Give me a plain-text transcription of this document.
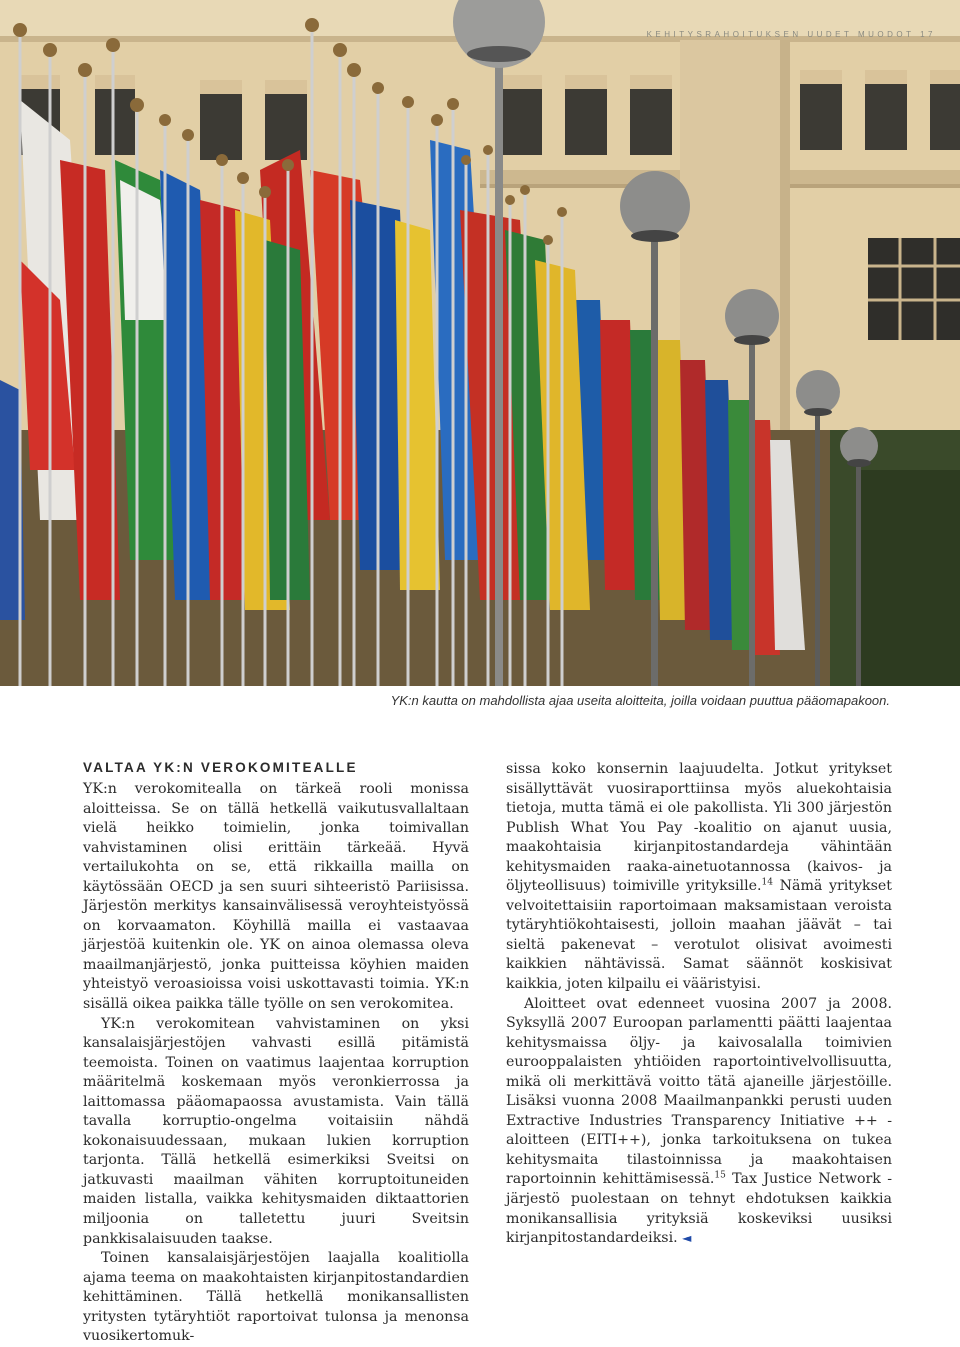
KEHITYSRAHOITUKSEN UUDET MUODOT 17
YK:n kautta on mahdollista ajaa useita aloitteita, joilla voidaan puuttua pääomapakoon.
VALTAA YK:N VEROKOMITEALLE

YK:n verokomitealla on tärkeä rooli monissa aloitteissa. Se on tällä hetkellä vaikutusvallaltaan vielä heikko toimielin, jonka toimivallan vahvistaminen olisi erittäin tärkeää. Hyvä vertailukohta on se, että rikkailla mailla on käytössään OECD ja sen suuri sihteeristö Pariisissa. Järjestön merkitys kansainvälisessä veroyhteistyössä on korvaamaton. Köyhillä mailla ei vastaavaa järjestöä kuitenkin ole. YK on ainoa olemassa oleva maailmanjärjestö, jonka puitteissa köyhien maiden yhteistyö veroasioissa voisi uskottavasti toimia. YK:n sisällä oikea paikka tälle työlle on sen verokomitea.

YK:n verokomitean vahvistaminen on yksi kansalaisjärjestöjen vahvasti esillä pitämistä teemoista. Toinen on vaatimus laajentaa korruption määritelmä koskemaan myös veronkierrossa ja laittomassa pääomapaossa avustamista. Vain tällä tavalla korruptio-ongelma voitaisiin nähdä kokonaisuudessaan, mukaan lukien korruption tarjonta. Tällä hetkellä esimerkiksi Sveitsi on jatkuvasti maailman vähiten korruptoituneiden maiden listalla, vaikka kehitysmaiden diktaattorien miljoonia on talletettu juuri Sveitsin pankkisalaisuuden taakse.

Toinen kansalaisjärjestöjen laajalla koalitiolla ajama teema on maakohtaisten kirjanpitostandardien kehittäminen. Tällä hetkellä monikansallisten yritysten tytäryhtiöt raportoivat tulonsa ja menonsa vuosikertomuk-

sissa koko konsernin laajuudelta. Jotkut yritykset sisällyttävät vuosiraporttiinsa myös aluekohtaisia tietoja, mutta tämä ei ole pakollista. Yli 300 järjestön Publish What You Pay -koalitio on ajanut uusia, maakohtaisia kirjanpitostandardeja vähintään kehitysmaiden raaka-ainetuotannossa (kaivos- ja öljyteollisuus) toimiville yrityksille.$^{14}$ Nämä yritykset velvoitettaisiin raportoimaan maksamistaan veroista tytäryhtiökohtaisesti, jolloin maahan jäävät – tai sieltä pakenevat – verotulot olisivat avoimesti kaikkien nähtävissä. Samat säännöt koskisivat kaikkia, joten kilpailu ei vääristyisi.

Aloitteet ovat edenneet vuosina 2007 ja 2008. Syksyllä 2007 Euroopan parlamentti päätti laajentaa kehitysmaissa öljy- ja kaivosalalla toimivien eurooppalaisten yhtiöiden raportointivelvollisuutta, mikä oli merkittävä voitto tätä ajaneille järjestöille. Lisäksi vuonna 2008 Maailmanpankki perusti uuden Extractive Industries Transparency Initiative ++ -aloitteen (EITI++), jonka tarkoituksena on tukea kehitysmaita tilastoinnissa ja maakohtaisen raportoinnin kehittämisessä.$^{15}$ Tax Justice Network -järjestö puolestaan on tehnyt ehdotuksen kaikkia monikansallisia yrityksiä koskeviksi uusiksi kirjanpitostandardeiksi. ◄
